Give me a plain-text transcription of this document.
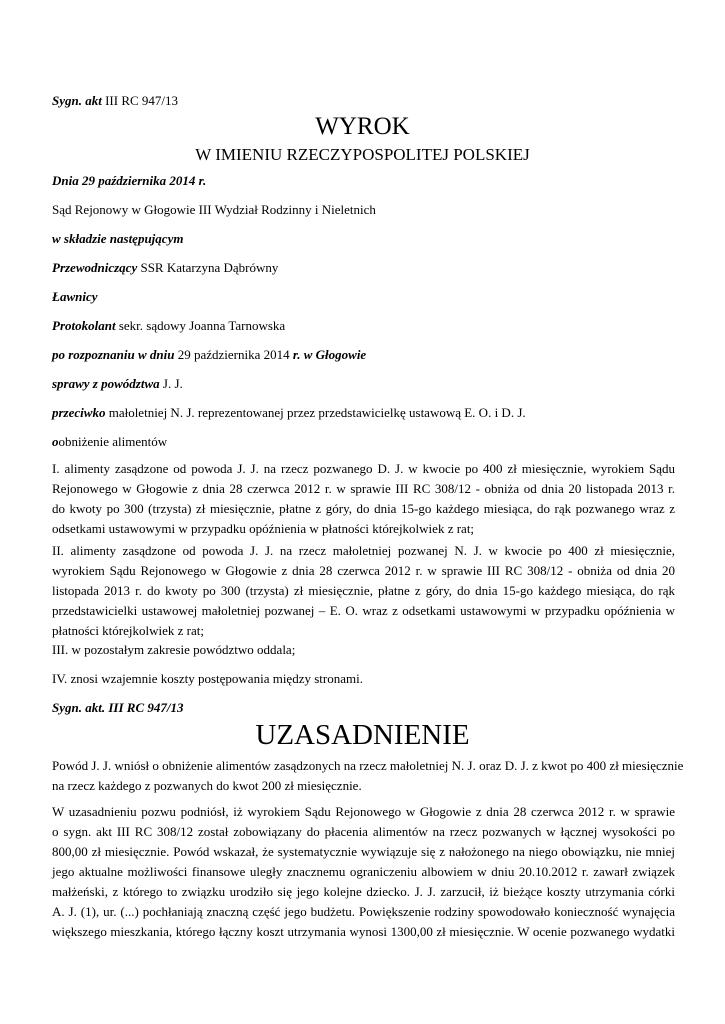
Sygn. akt III RC 947/13
WYROK
W IMIENIU RZECZYPOSPOLITEJ POLSKIEJ
Dnia 29 października 2014 r.
Sąd Rejonowy w Głogowie III Wydział Rodzinny i Nieletnich
w składzie następującym
Przewodniczący SSR Katarzyna Dąbrówny
Ławnicy
Protokolant sekr. sądowy Joanna Tarnowska
po rozpoznaniu w dniu 29 października 2014 r. w Głogowie
sprawy z powództwa J. J.
przeciwko małoletniej N. J. reprezentowanej przez przedstawicielkę ustawową E. O. i D. J.
oobniżenie alimentów
I. alimenty zasądzone od powoda J. J. na rzecz pozwanego D. J. w kwocie po 400 zł miesięcznie, wyrokiem Sądu
Rejonowego w Głogowie z dnia 28 czerwca 2012 r. w sprawie III RC 308/12 - obniża od dnia 20 listopada 2013 r.
do kwoty po 300 (trzysta) zł miesięcznie, płatne z góry, do dnia 15-go każdego miesiąca, do rąk pozwanego wraz z
odsetkami ustawowymi w przypadku opóźnienia w płatności którejkolwiek z rat;
II. alimenty zasądzone od powoda J. J. na rzecz małoletniej pozwanej N. J. w kwocie po 400 zł miesięcznie,
wyrokiem Sądu Rejonowego w Głogowie z dnia 28 czerwca 2012 r. w sprawie III RC 308/12 - obniża od dnia 20
listopada 2013 r. do kwoty po 300 (trzysta) zł miesięcznie, płatne z góry, do dnia 15-go każdego miesiąca, do rąk
przedstawicielki ustawowej małoletniej pozwanej – E. O. wraz z odsetkami ustawowymi w przypadku opóźnienia w
płatności którejkolwiek z rat;
III. w pozostałym zakresie powództwo oddala;
IV. znosi wzajemnie koszty postępowania między stronami.
Sygn. akt. III RC 947/13
UZASADNIENIE
Powód J. J. wniósł o obniżenie alimentów zasądzonych na rzecz małoletniej N. J. oraz D. J. z kwot po 400 zł miesięcznie
na rzecz każdego z pozwanych do kwot 200 zł miesięcznie.
W uzasadnieniu pozwu podniósł, iż wyrokiem Sądu Rejonowego w Głogowie z dnia 28 czerwca 2012 r. w sprawie
o sygn. akt III RC 308/12 został zobowiązany do płacenia alimentów na rzecz pozwanych w łącznej wysokości po
800,00 zł miesięcznie. Powód wskazał, że systematycznie wywiązuje się z nałożonego na niego obowiązku, nie mniej
jego aktualne możliwości finansowe uległy znacznemu ograniczeniu albowiem w dniu 20.10.2012 r. zawarł związek
małżeński, z którego to związku urodziło się jego kolejne dziecko. J. J. zarzucił, iż bieżące koszty utrzymania córki
A. J. (1), ur. (...) pochłaniają znaczną część jego budżetu. Powiększenie rodziny spowodowało konieczność wynajęcia
większego mieszkania, którego łączny koszt utrzymania wynosi 1300,00 zł miesięcznie. W ocenie pozwanego wydatki
